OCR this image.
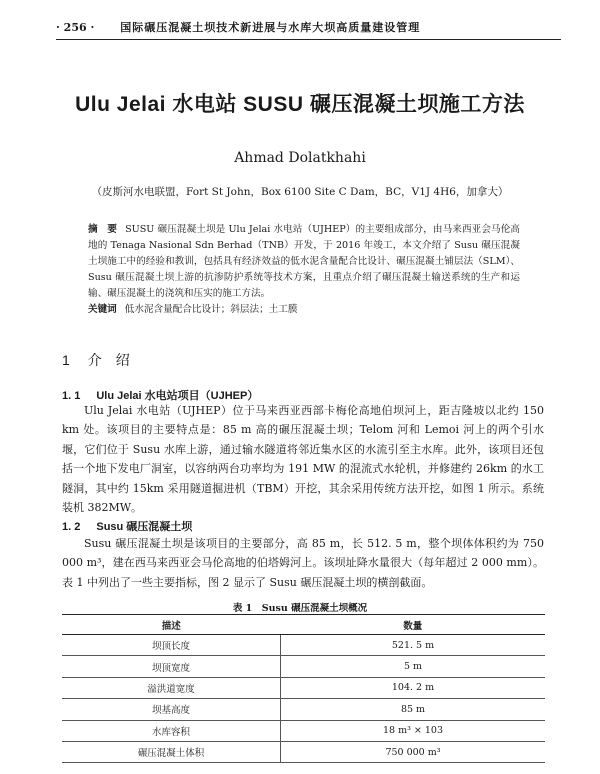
· 256 · 国际碾压混凝土坝技术新进展与水库大坝高质量建设管理
Ulu Jelai 水电站 SUSU 碾压混凝土坝施工方法
Ahmad Dolatkhahi
（皮斯河水电联盟，Fort St John，Box 6100 Site C Dam，BC，V1J 4H6，加拿大）
摘　要 SUSU 碾压混凝土坝是 Ulu Jelai 水电站（UJHEP）的主要组成部分，由马来西亚会马伦高地的 Tenaga Nasional Sdn Berhad（TNB）开发，于 2016 年竣工，本文介绍了 Susu 碾压混凝土坝施工中的经验和教训，包括具有经济效益的低水泥含量配合比设计、碾压混凝土铺层法（SLM）、Susu 碾压混凝土坝上游的抗渗防护系统等技术方案，且重点介绍了碾压混凝土输送系统的生产和运输、碾压混凝土的浇筑和压实的施工方法。
关键词 低水泥含量配合比设计；斜层法；土工膜
1 介　绍
1. 1 Ulu Jelai 水电站项目（UJHEP）
Ulu Jelai 水电站（UJHEP）位于马来西亚西部卡梅伦高地伯坝河上，距吉隆坡以北约 150 km 处。该项目的主要特点是：85 m 高的碾压混凝土坝；Telom 河和 Lemoi 河上的两个引水堰，它们位于 Susu 水库上游，通过输水隧道将邻近集水区的水流引至主水库。此外，该项目还包括一个地下发电厂洞室，以容纳两台功率均为 191 MW 的混流式水轮机，并修建约 26km 的水工隧洞，其中约 15km 采用隧道掘进机（TBM）开挖，其余采用传统方法开挖，如图 1 所示。系统装机 382MW。
1. 2 Susu 碾压混凝土坝
Susu 碾压混凝土坝是该项目的主要部分，高 85 m，长 512. 5 m，整个坝体体积约为 750 000 m³，建在西马来西亚会马伦高地的伯塔姆河上。该坝址降水量很大（每年超过 2 000 mm）。表 1 中列出了一些主要指标，图 2 显示了 Susu 碾压混凝土坝的横剖截面。
表 1　Susu 碾压混凝土坝概况
描述	数量
坝顶长度	521. 5 m
坝顶宽度	5 m
溢洪道宽度	104. 2 m
坝基高度	85 m
水库容积	18 m³ × 103
碾压混凝土体积	750 000 m³
